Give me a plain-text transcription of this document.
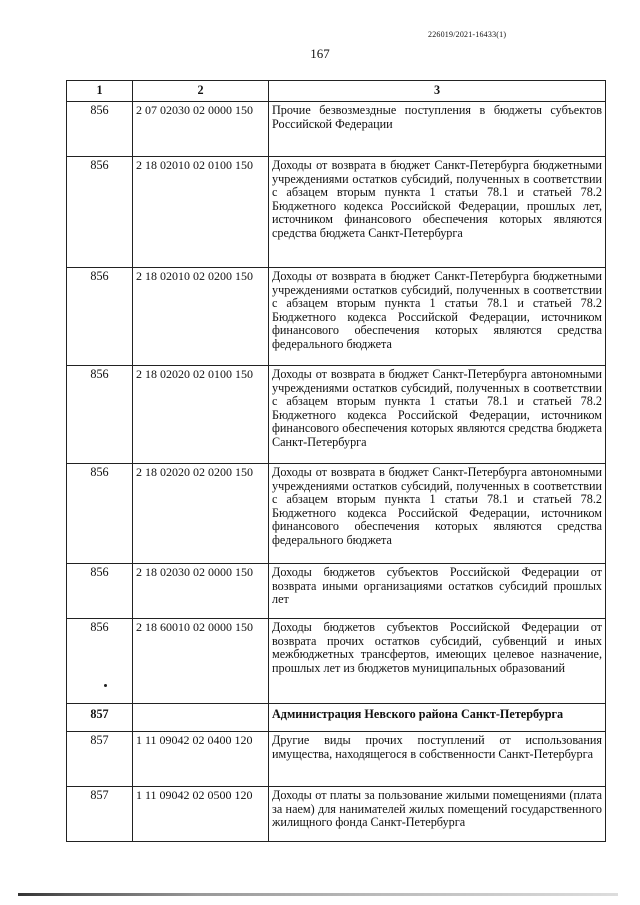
226019/2021-16433(1)
167
1	2	3
856	2 07 02030 02 0000 150	Прочие безвозмездные поступления в бюджеты субъектов Российской Федерации
856	2 18 02010 02 0100 150	Доходы от возврата в бюджет Санкт-Петербурга бюджетными учреждениями остатков субсидий, полученных в соответствии с абзацем вторым пункта 1 статьи 78.1 и статьей 78.2 Бюджетного кодекса Российской Федерации, прошлых лет, источником финансового обеспечения которых являются средства бюджета Санкт-Петербурга
856	2 18 02010 02 0200 150	Доходы от возврата в бюджет Санкт-Петербурга бюджетными учреждениями остатков субсидий, полученных в соответствии с абзацем вторым пункта 1 статьи 78.1 и статьей 78.2 Бюджетного кодекса Российской Федерации, источником финансового обеспечения которых являются средства федерального бюджета
856	2 18 02020 02 0100 150	Доходы от возврата в бюджет Санкт-Петербурга автономными учреждениями остатков субсидий, полученных в соответствии с абзацем вторым пункта 1 статьи 78.1 и статьей 78.2 Бюджетного кодекса Российской Федерации, источником финансового обеспечения которых являются средства бюджета Санкт-Петербурга
856	2 18 02020 02 0200 150	Доходы от возврата в бюджет Санкт-Петербурга автономными учреждениями остатков субсидий, полученных в соответствии с абзацем вторым пункта 1 статьи 78.1 и статьей 78.2 Бюджетного кодекса Российской Федерации, источником финансового обеспечения которых являются средства федерального бюджета
856	2 18 02030 02 0000 150	Доходы бюджетов субъектов Российской Федерации от возврата иными организациями остатков субсидий прошлых лет
856	2 18 60010 02 0000 150	Доходы бюджетов субъектов Российской Федерации от возврата прочих остатков субсидий, субвенций и иных межбюджетных трансфертов, имеющих целевое назначение, прошлых лет из бюджетов муниципальных образований
857		Администрация Невского района Санкт-Петербурга
857	1 11 09042 02 0400 120	Другие виды прочих поступлений от использования имущества, находящегося в собственности Санкт-Петербурга
857	1 11 09042 02 0500 120	Доходы от платы за пользование жилыми помещениями (плата за наем) для нанимателей жилых помещений государственного жилищного фонда Санкт-Петербурга
